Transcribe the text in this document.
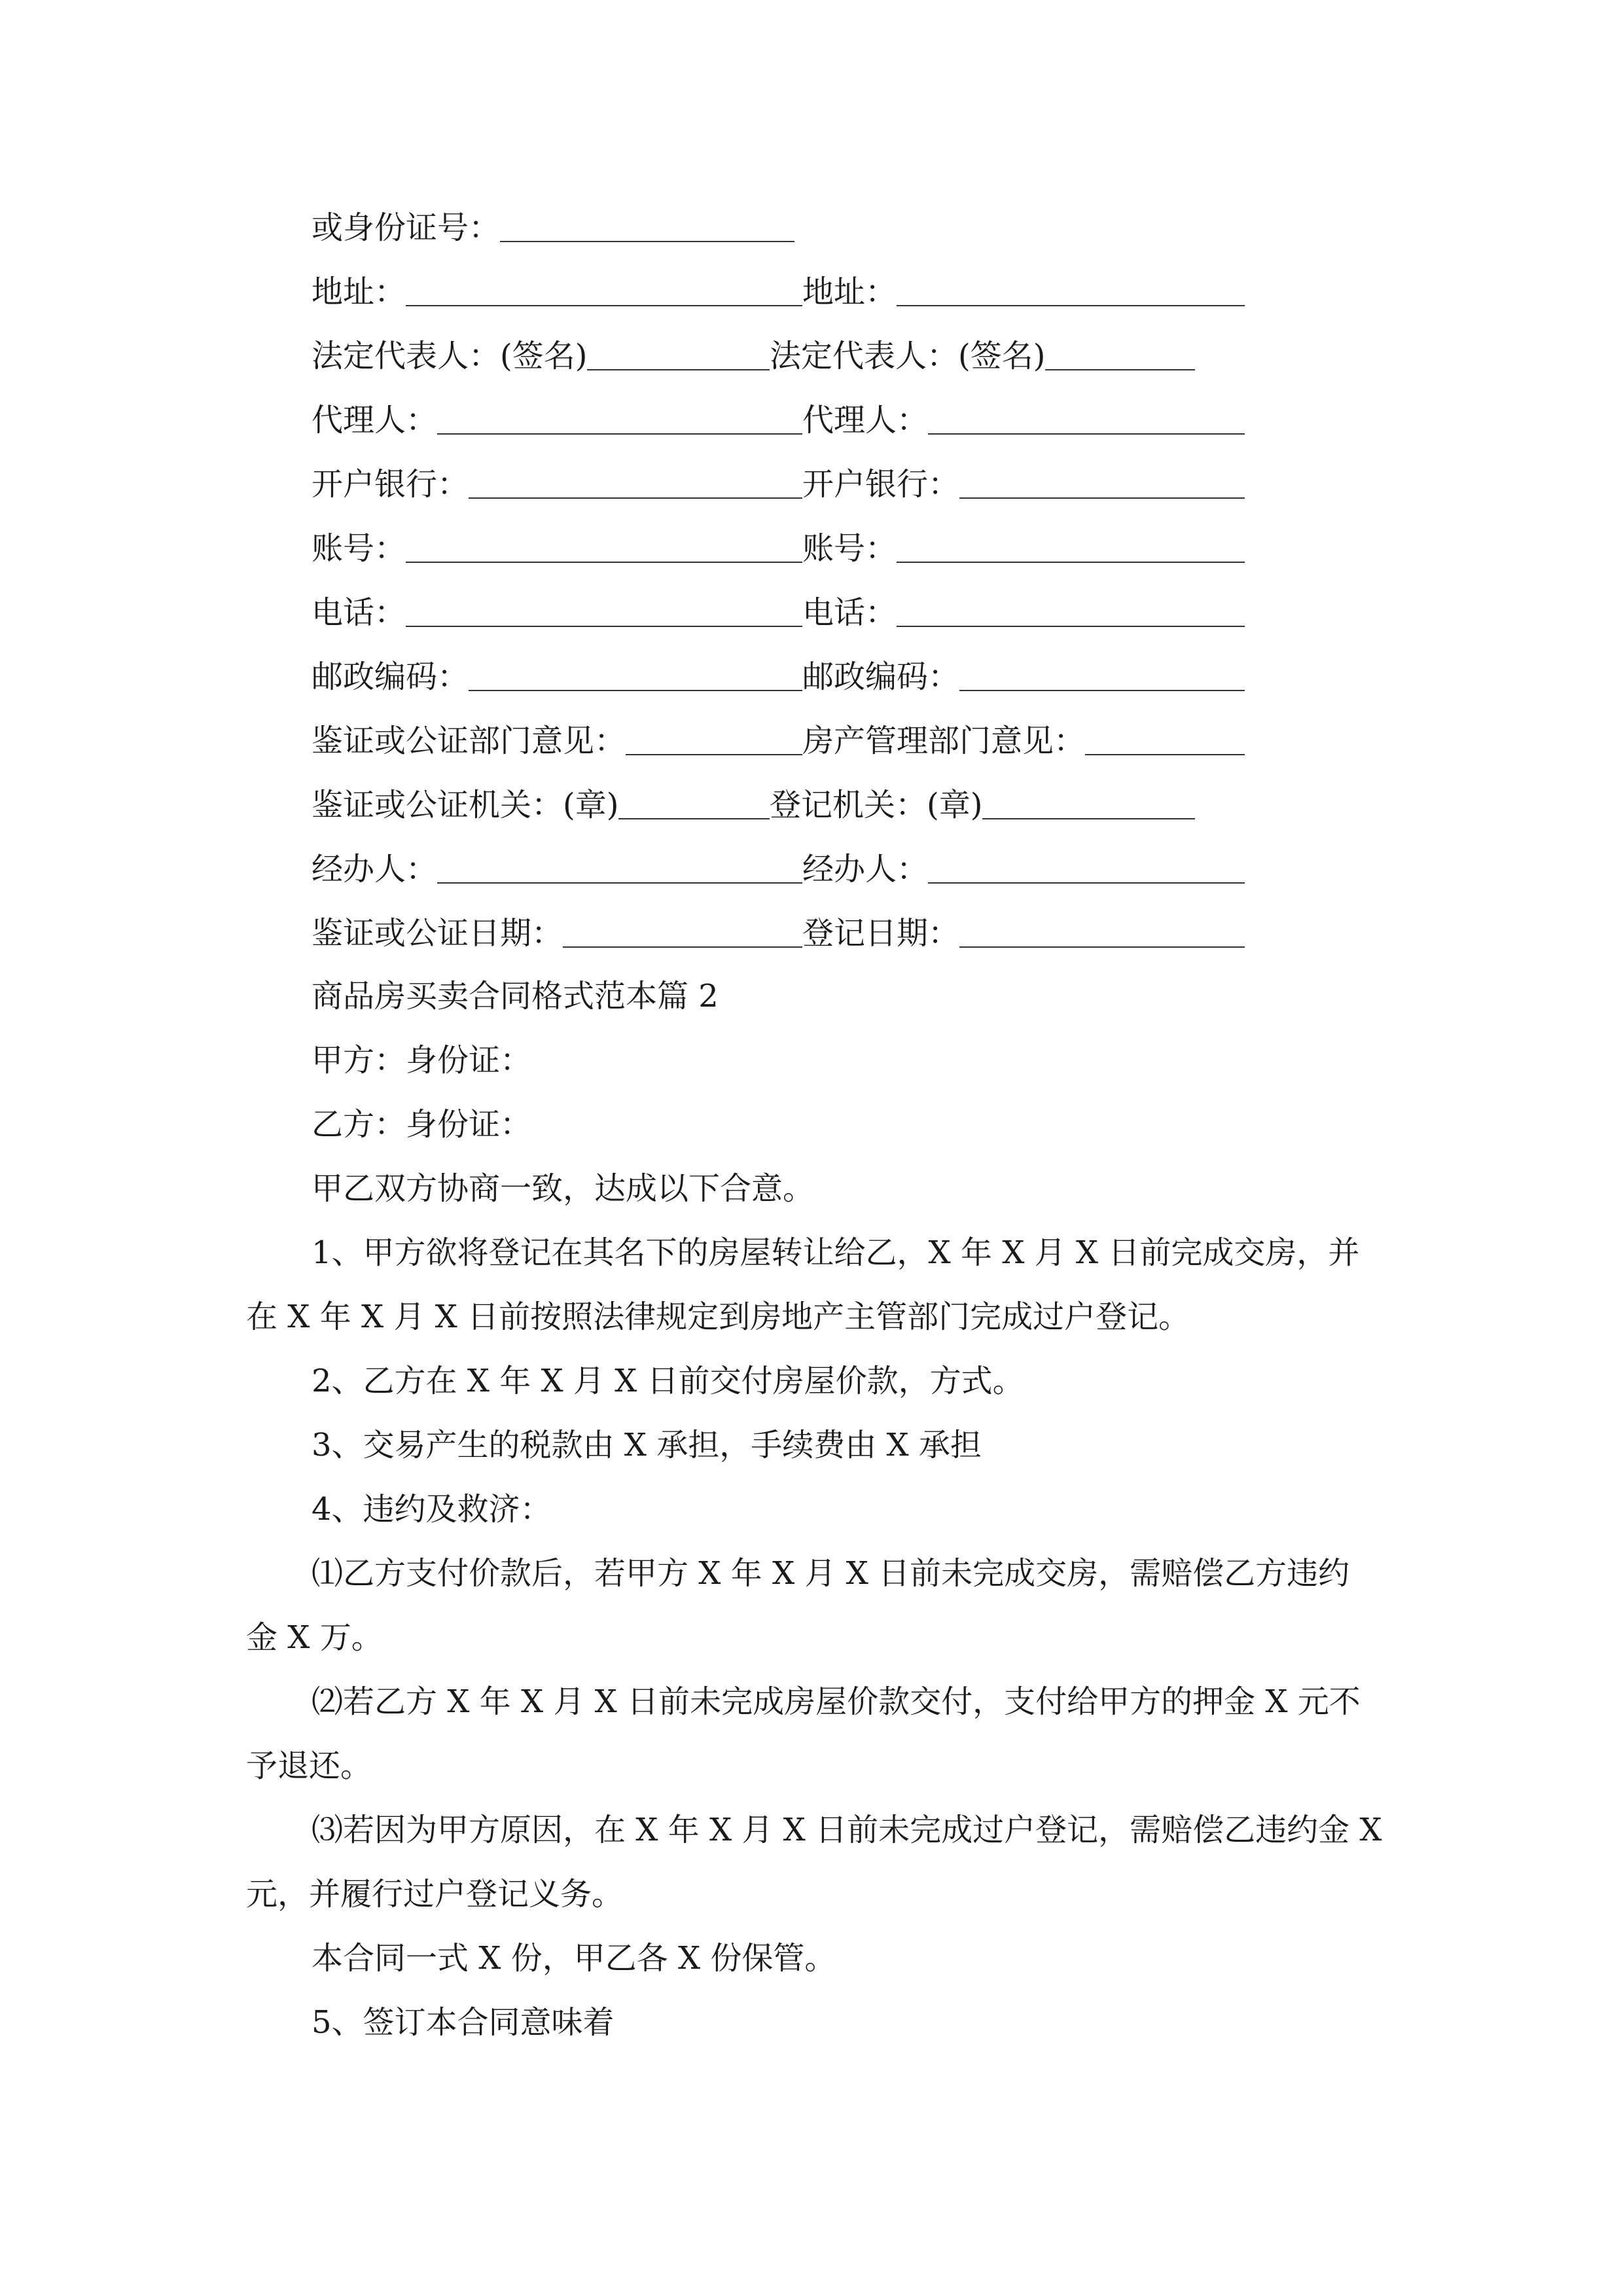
或身份证号：
地址：	地址：
法定代表人：(签名)	法定代表人：(签名)
代理人：	代理人：
开户银行：	开户银行：
账号：	账号：
电话：	电话：
邮政编码：	邮政编码：
鉴证或公证部门意见：	房产管理部门意见：
鉴证或公证机关：(章)	登记机关：(章)
经办人：	经办人：
鉴证或公证日期：	登记日期：
商品房买卖合同格式范本篇 2
甲方：身份证：
乙方：身份证：
甲乙双方协商一致，达成以下合意。
1、甲方欲将登记在其名下的房屋转让给乙，X 年 X 月 X 日前完成交房，并
在 X 年 X 月 X 日前按照法律规定到房地产主管部门完成过户登记。
2、乙方在 X 年 X 月 X 日前交付房屋价款，方式。
3、交易产生的税款由 X 承担，手续费由 X 承担
4、违约及救济：
⑴乙方支付价款后，若甲方 X 年 X 月 X 日前未完成交房，需赔偿乙方违约
金 X 万。
⑵若乙方 X 年 X 月 X 日前未完成房屋价款交付，支付给甲方的押金 X 元不
予退还。
⑶若因为甲方原因，在 X 年 X 月 X 日前未完成过户登记，需赔偿乙违约金 X
元，并履行过户登记义务。
本合同一式 X 份，甲乙各 X 份保管。
5、签订本合同意味着
